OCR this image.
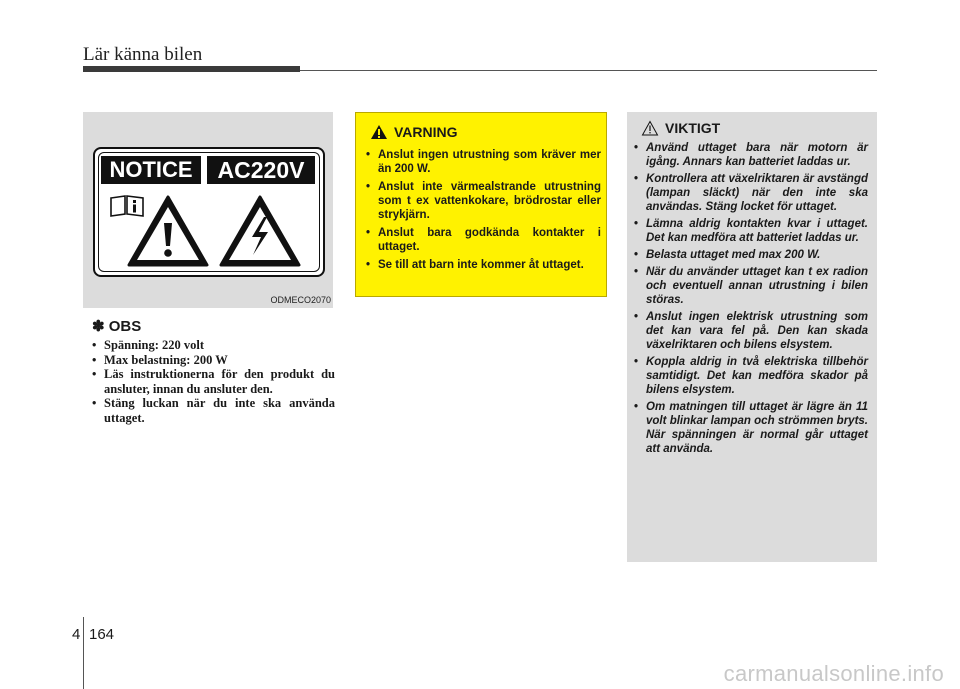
Lär känna bilen
NOTICE	AC220V
ODMECO2070
✽ OBS
• Spänning: 220 volt
• Max belastning: 200 W
• Läs instruktionerna för den produkt du ansluter, innan du ansluter den.
• Stäng luckan när du inte ska använda uttaget.
VARNING
• Anslut ingen utrustning som kräver mer än 200 W.
• Anslut inte värmealstrande utrustning som t ex vattenkokare, brödrostar eller strykjärn.
• Anslut bara godkända kontakter i uttaget.
• Se till att barn inte kommer åt uttaget.
VIKTIGT
• Använd uttaget bara när motorn är igång. Annars kan batteriet laddas ur.
• Kontrollera att växelriktaren är avstängd (lampan släckt) när den inte ska användas. Stäng locket för uttaget.
• Lämna aldrig kontakten kvar i uttaget. Det kan medföra att batteriet laddas ur.
• Belasta uttaget med max 200 W.
• När du använder uttaget kan t ex radion och eventuell annan utrustning i bilen störas.
• Anslut ingen elektrisk utrustning som det kan vara fel på. Den kan skada växelriktaren och bilens elsystem.
• Koppla aldrig in två elektriska tillbehör samtidigt. Det kan medföra skador på bilens elsystem.
• Om matningen till uttaget är lägre än 11 volt blinkar lampan och strömmen bryts. När spänningen är normal går uttaget att använda.
4 164
carmanualsonline.info
